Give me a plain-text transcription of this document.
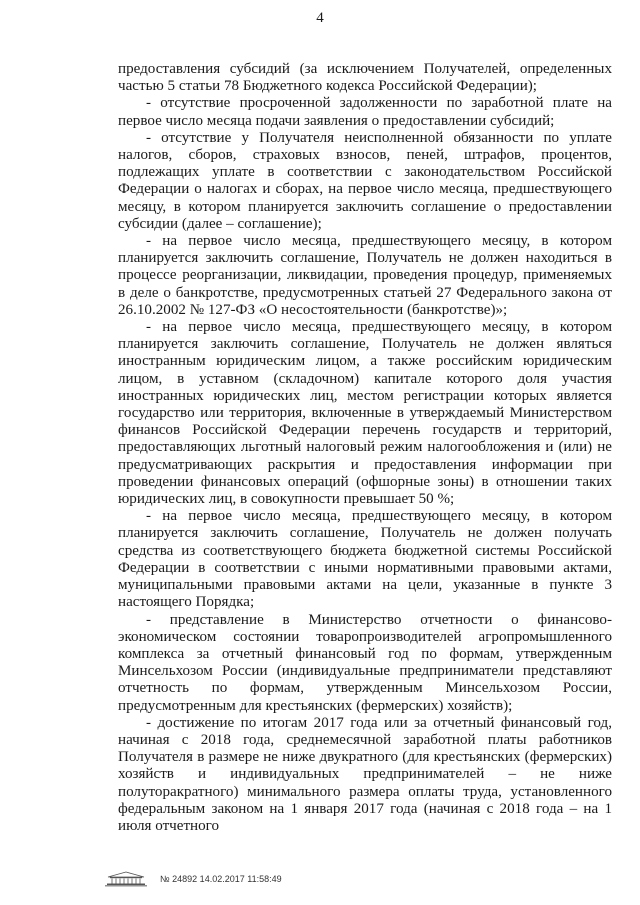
4

предоставления субсидий (за исключением Получателей, определенных частью 5 статьи 78 Бюджетного кодекса Российской Федерации);

- отсутствие просроченной задолженности по заработной плате на первое число месяца подачи заявления о предоставлении субсидий;

- отсутствие у Получателя неисполненной обязанности по уплате налогов, сборов, страховых взносов, пеней, штрафов, процентов, подлежащих уплате в соответствии с законодательством Российской Федерации о налогах и сборах, на первое число месяца, предшествующего месяцу, в котором планируется заключить соглашение о предоставлении субсидии (далее – соглашение);

- на первое число месяца, предшествующего месяцу, в котором планируется заключить соглашение, Получатель не должен находиться в процессе реорганизации, ликвидации, проведения процедур, применяемых в деле о банкротстве, предусмотренных статьей 27 Федерального закона от 26.10.2002 № 127-ФЗ «О несостоятельности (банкротстве)»;

- на первое число месяца, предшествующего месяцу, в котором планируется заключить соглашение, Получатель не должен являться иностранным юридическим лицом, а также российским юридическим лицом, в уставном (складочном) капитале которого доля участия иностранных юридических лиц, местом регистрации которых является государство или территория, включенные в утверждаемый Министерством финансов Российской Федерации перечень государств и территорий, предоставляющих льготный налоговый режим налогообложения и (или) не предусматривающих раскрытия и предоставления информации при проведении финансовых операций (офшорные зоны) в отношении таких юридических лиц, в совокупности превышает 50 %;

- на первое число месяца, предшествующего месяцу, в котором планируется заключить соглашение, Получатель не должен получать средства из соответствующего бюджета бюджетной системы Российской Федерации в соответствии с иными нормативными правовыми актами, муниципальными правовыми актами на цели, указанные в пункте 3 настоящего Порядка;

- представление в Министерство отчетности о финансово-экономическом состоянии товаропроизводителей агропромышленного комплекса за отчетный финансовый год по формам, утвержденным Минсельхозом России (индивидуальные предприниматели представляют отчетность по формам, утвержденным Минсельхозом России, предусмотренным для крестьянских (фермерских) хозяйств);

- достижение по итогам 2017 года или за отчетный финансовый год, начиная с 2018 года, среднемесячной заработной платы работников Получателя в размере не ниже двукратного (для крестьянских (фермерских) хозяйств и индивидуальных предпринимателей – не ниже полуторакратного) минимального размера оплаты труда, установленного федеральным законом на 1 января 2017 года (начиная с 2018 года – на 1 июля отчетного

№ 24892 14.02.2017 11:58:49
